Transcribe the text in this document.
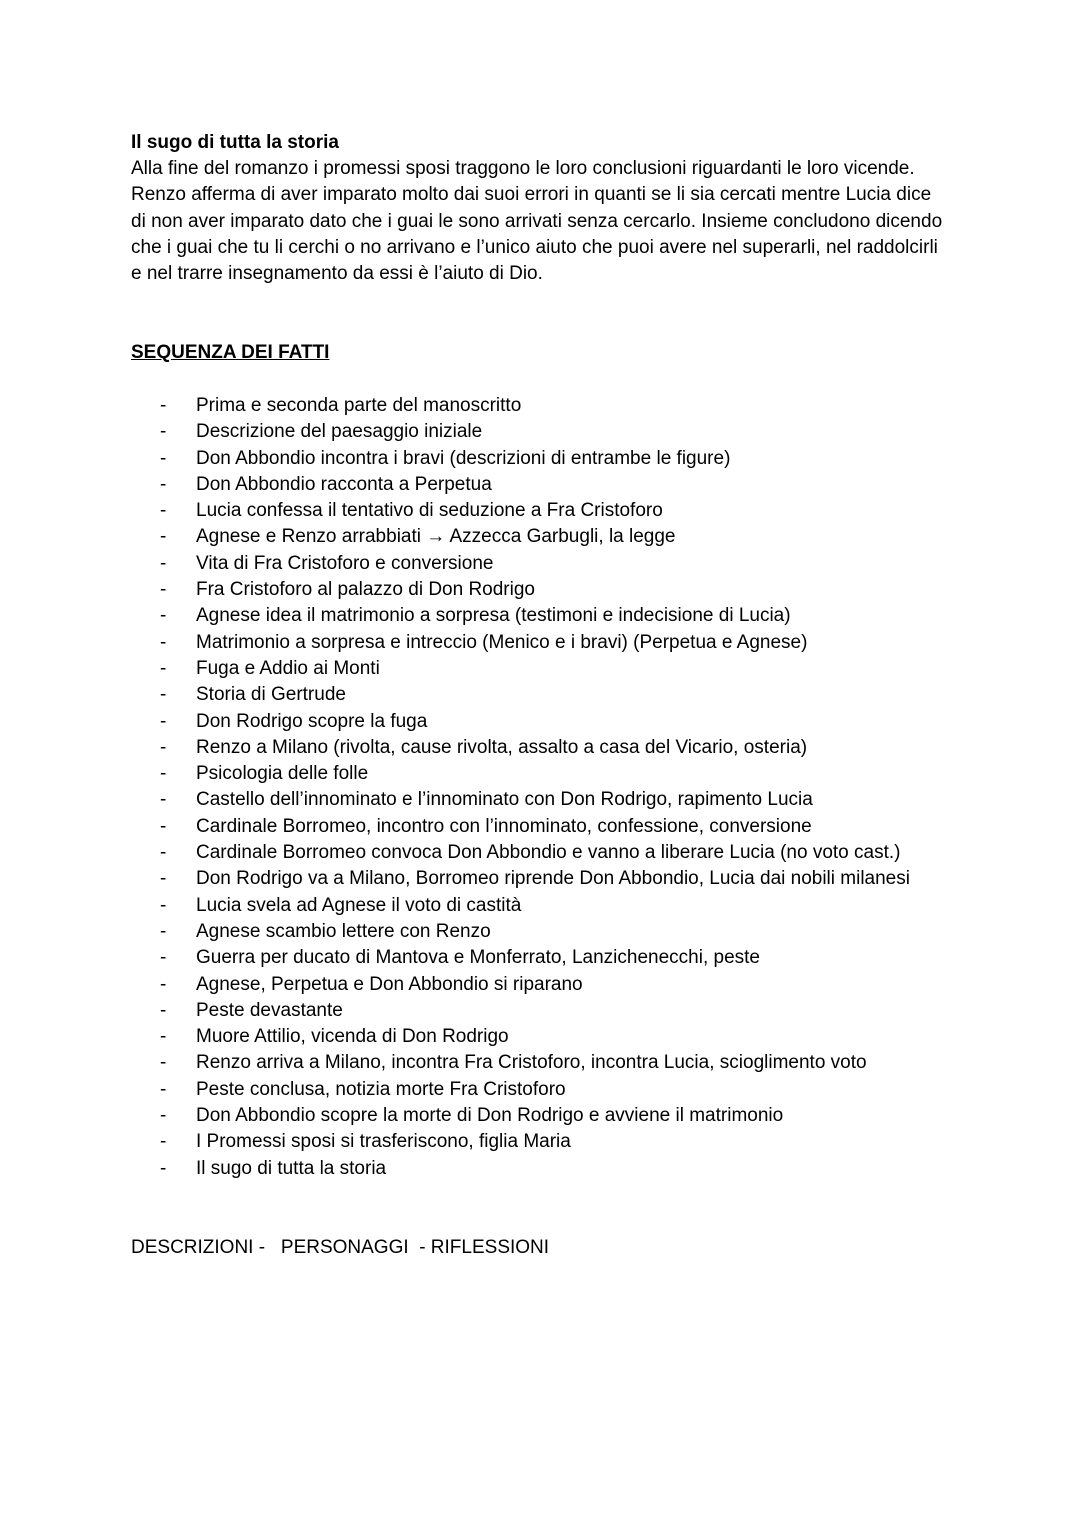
Il sugo di tutta la storia

Alla fine del romanzo i promessi sposi traggono le loro conclusioni riguardanti le loro vicende. Renzo afferma di aver imparato molto dai suoi errori in quanti se li sia cercati mentre Lucia dice di non aver imparato dato che i guai le sono arrivati senza cercarlo. Insieme concludono dicendo che i guai che tu li cerchi o no arrivano e l’unico aiuto che puoi avere nel superarli, nel raddolcirli e nel trarre insegnamento da essi è l’aiuto di Dio.

SEQUENZA DEI FATTI
- Prima e seconda parte del manoscritto
- Descrizione del paesaggio iniziale
- Don Abbondio incontra i bravi (descrizioni di entrambe le figure)
- Don Abbondio racconta a Perpetua
- Lucia confessa il tentativo di seduzione a Fra Cristoforo
- Agnese e Renzo arrabbiati → Azzecca Garbugli, la legge
- Vita di Fra Cristoforo e conversione
- Fra Cristoforo al palazzo di Don Rodrigo
- Agnese idea il matrimonio a sorpresa (testimoni e indecisione di Lucia)
- Matrimonio a sorpresa e intreccio (Menico e i bravi) (Perpetua e Agnese)
- Fuga e Addio ai Monti
- Storia di Gertrude
- Don Rodrigo scopre la fuga
- Renzo a Milano (rivolta, cause rivolta, assalto a casa del Vicario, osteria)
- Psicologia delle folle
- Castello dell’innominato e l’innominato con Don Rodrigo, rapimento Lucia
- Cardinale Borromeo, incontro con l’innominato, confessione, conversione
- Cardinale Borromeo convoca Don Abbondio e vanno a liberare Lucia (no voto cast.)
- Don Rodrigo va a Milano, Borromeo riprende Don Abbondio, Lucia dai nobili milanesi
- Lucia svela ad Agnese il voto di castità
- Agnese scambio lettere con Renzo
- Guerra per ducato di Mantova e Monferrato, Lanzichenecchi, peste
- Agnese, Perpetua e Don Abbondio si riparano
- Peste devastante
- Muore Attilio, vicenda di Don Rodrigo
- Renzo arriva a Milano, incontra Fra Cristoforo, incontra Lucia, scioglimento voto
- Peste conclusa, notizia morte Fra Cristoforo
- Don Abbondio scopre la morte di Don Rodrigo e avviene il matrimonio
- I Promessi sposi si trasferiscono, figlia Maria
- Il sugo di tutta la storia

DESCRIZIONI -   PERSONAGGI  - RIFLESSIONI
